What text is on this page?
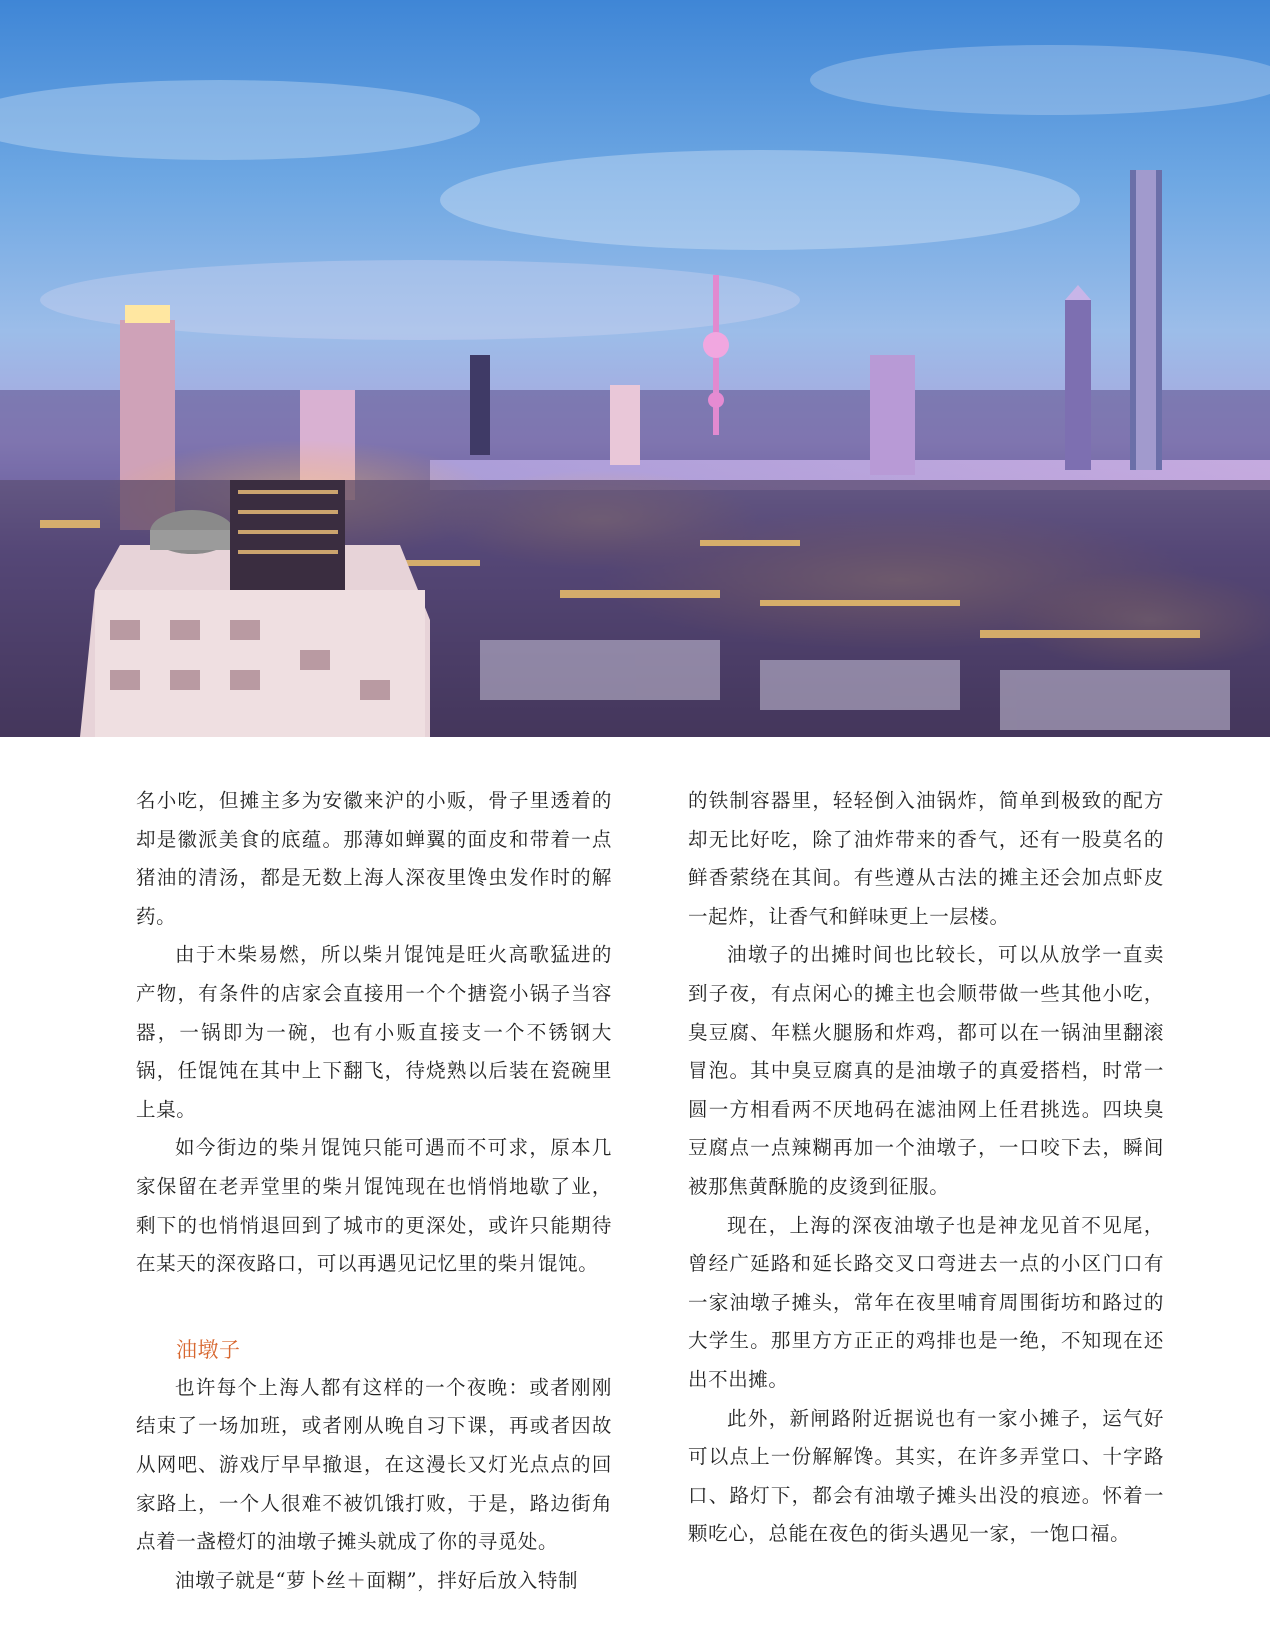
名小吃，但摊主多为安徽来沪的小贩，骨子里透着的却是徽派美食的底蕴。那薄如蝉翼的面皮和带着一点猪油的清汤，都是无数上海人深夜里馋虫发作时的解药。

由于木柴易燃，所以柴爿馄饨是旺火高歌猛进的产物，有条件的店家会直接用一个个搪瓷小锅子当容器，一锅即为一碗，也有小贩直接支一个不锈钢大锅，任馄饨在其中上下翻飞，待烧熟以后装在瓷碗里上桌。

如今街边的柴爿馄饨只能可遇而不可求，原本几家保留在老弄堂里的柴爿馄饨现在也悄悄地歇了业，剩下的也悄悄退回到了城市的更深处，或许只能期待在某天的深夜路口，可以再遇见记忆里的柴爿馄饨。

油墩子

也许每个上海人都有这样的一个夜晚：或者刚刚结束了一场加班，或者刚从晚自习下课，再或者因故从网吧、游戏厅早早撤退，在这漫长又灯光点点的回家路上，一个人很难不被饥饿打败，于是，路边街角点着一盏橙灯的油墩子摊头就成了你的寻觅处。

油墩子就是“萝卜丝＋面糊”，拌好后放入特制

的铁制容器里，轻轻倒入油锅炸，简单到极致的配方却无比好吃，除了油炸带来的香气，还有一股莫名的鲜香萦绕在其间。有些遵从古法的摊主还会加点虾皮一起炸，让香气和鲜味更上一层楼。

油墩子的出摊时间也比较长，可以从放学一直卖到子夜，有点闲心的摊主也会顺带做一些其他小吃，臭豆腐、年糕火腿肠和炸鸡，都可以在一锅油里翻滚冒泡。其中臭豆腐真的是油墩子的真爱搭档，时常一圆一方相看两不厌地码在滤油网上任君挑选。四块臭豆腐点一点辣糊再加一个油墩子，一口咬下去，瞬间被那焦黄酥脆的皮烫到征服。

现在，上海的深夜油墩子也是神龙见首不见尾，曾经广延路和延长路交叉口弯进去一点的小区门口有一家油墩子摊头，常年在夜里哺育周围街坊和路过的大学生。那里方方正正的鸡排也是一绝，不知现在还出不出摊。

此外，新闸路附近据说也有一家小摊子，运气好可以点上一份解解馋。其实，在许多弄堂口、十字路口、路灯下，都会有油墩子摊头出没的痕迹。怀着一颗吃心，总能在夜色的街头遇见一家，一饱口福。
